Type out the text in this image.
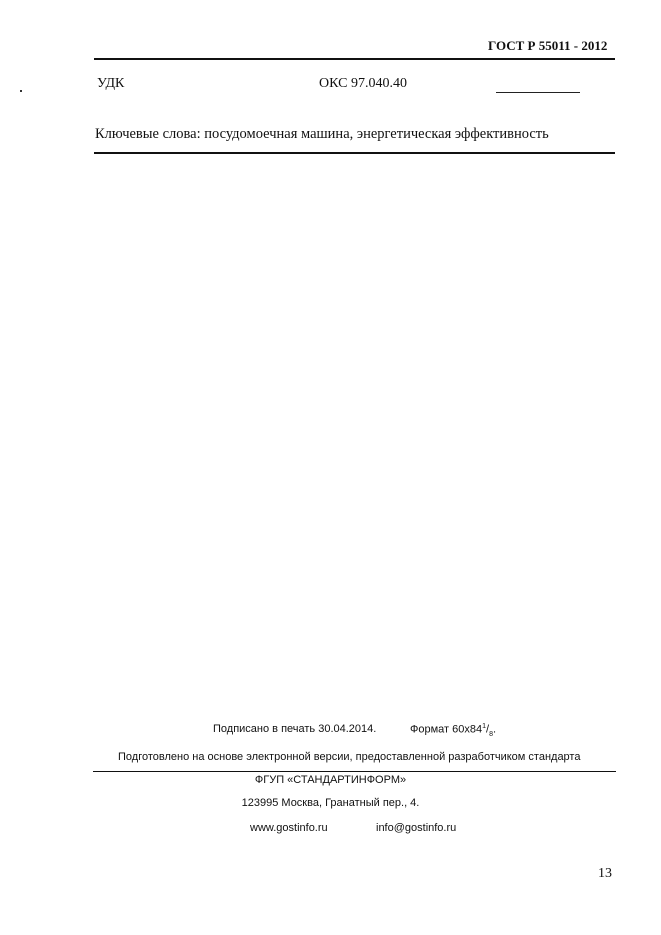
ГОСТ Р 55011 - 2012
УДК	ОКС 97.040.40
Ключевые слова: посудомоечная машина, энергетическая эффективность
Подписано в печать 30.04.2014.	Формат $60x84^1/_8$.
Подготовлено на основе электронной версии, предоставленной разработчиком стандарта
ФГУП «СТАНДАРТИНФОРМ»
123995 Москва, Гранатный пер., 4.
www.gostinfo.ru	info@gostinfo.ru
13
